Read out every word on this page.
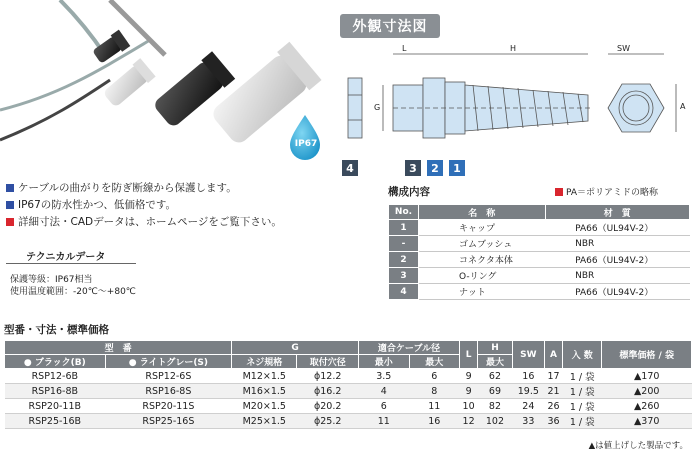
IP67
外観寸法図
L	H	SW
G	A
4	3	2	1
ケーブルの曲がりを防ぎ断線から保護します。
IP67の防水性かつ、低価格です。
詳細寸法・CADデータは、ホームページをご覧下さい。
テクニカルデータ
保護等級：IP67相当
使用温度範囲：-20℃～+80℃
構成内容	PA＝ポリアミドの略称
No.	名　称	材　質
1	キャップ	PA66（UL94V-2）
-	ゴムブッシュ	NBR
2	コネクタ本体	PA66（UL94V-2）
3	O-リング	NBR
4	ナット	PA66（UL94V-2）
型番・寸法・標準価格
型　番		G		適合ケーブル径		L	H	SW	A	入 数	標準価格 / 袋
● ブラック(B)	● ライトグレー(S)	ネジ規格	取付穴径	最小	最大		最大				
RSP12-6B	RSP12-6S	M12×1.5	ϕ12.2	3.5	6	9	62	16	17	1 / 袋	▲170
RSP16-8B	RSP16-8S	M16×1.5	ϕ16.2	4	8	9	69	19.5	21	1 / 袋	▲200
RSP20-11B	RSP20-11S	M20×1.5	ϕ20.2	6	11	10	82	24	26	1 / 袋	▲260
RSP25-16B	RSP25-16S	M25×1.5	ϕ25.2	11	16	12	102	33	36	1 / 袋	▲370
▲は値上げした製品です。
